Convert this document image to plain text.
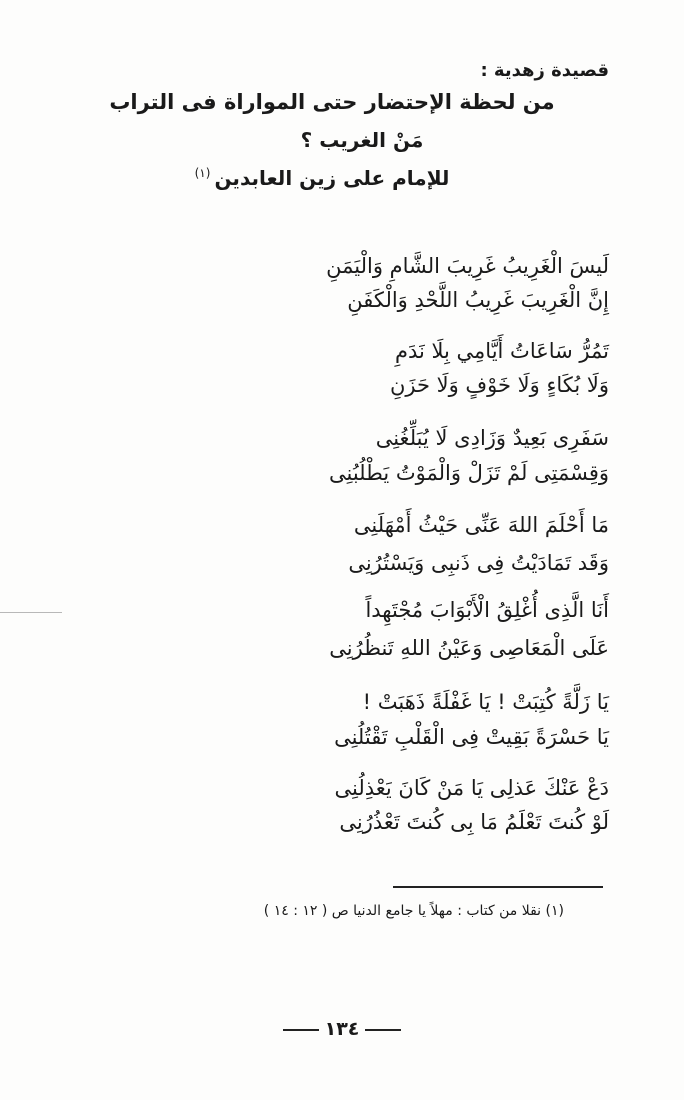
قصيدة زهدية :
من لحظة الإحتضار حتى المواراة فى التراب
مَنْ الغريب ؟
للإمام على زين العابدين$^{(١)}$
لَيسَ الْغَرِيبُ غَرِيبَ الشَّامِ وَالْيَمَنِ
إِنَّ الْغَرِيبَ غَرِيبُ اللَّحْدِ وَالْكَفَنِ
تَمُرُّ سَاعَاتُ أَيَّامِي بِلَا نَدَمِ
وَلَا بُكَاءٍ وَلَا خَوْفٍ وَلَا حَزَنِ
سَفَرِى بَعِيدٌ وَزَادِى لَا يُبَلِّغُنِى
وَقِسْمَتِى لَمْ تَزَلْ وَالْمَوْتُ يَطْلُبُنِى
مَا أَحْلَمَ اللهَ عَنِّى حَيْثُ أَمْهَلَنِى
وَقَد تَمَادَيْتُ فِى ذَنبِى وَيَسْتُرُنِى
أَنَا الَّذِى أُغْلِقُ الْأَبْوَابَ مُجْتَهِداً
عَلَى الْمَعَاصِى وَعَيْنُ اللهِ تَنظُرُنِى
يَا زَلَّةً كُتِبَتْ ! يَا غَفْلَةً ذَهَبَتْ !
يَا حَسْرَةً بَقِيتْ فِى الْقَلْبِ تَقْتُلُنِى
دَعْ عَنْكَ عَذلِى يَا مَنْ كَانَ يَعْذِلُنِى
لَوْ كُنتَ تَعْلَمُ مَا بِى كُنتَ تَعْذُرُنِى
(١) نقلا من كتاب : مهلاً يا جامع الدنيا ص ( ١٢ : ١٤ )
١٣٤
